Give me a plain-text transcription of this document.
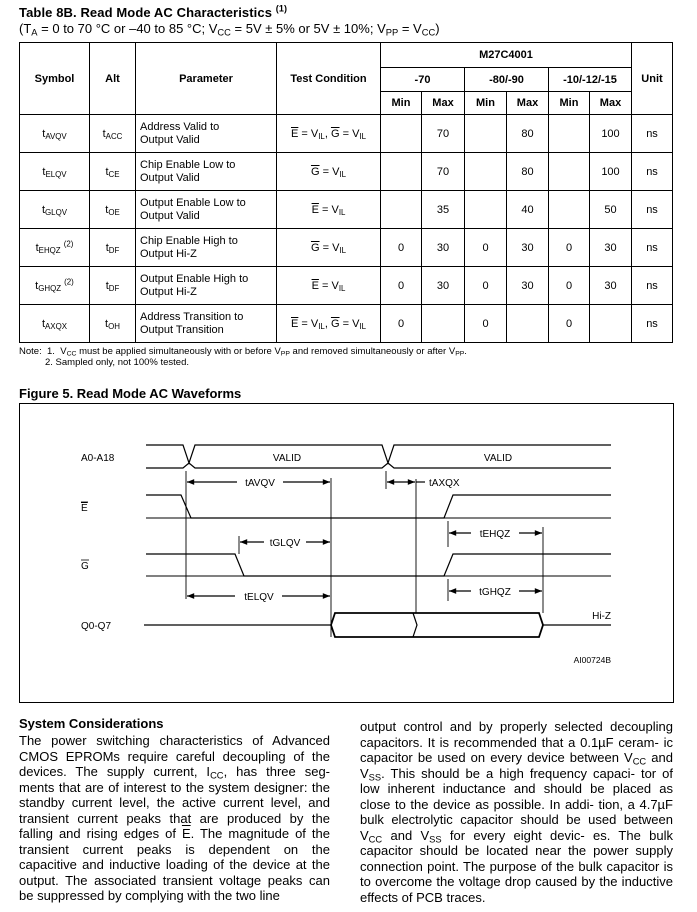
Table 8B. Read Mode AC Characteristics $^{(1)}$
($T_A = 0$ to 70 °C or –40 to 85 °C; $V_{CC} = 5V \pm 5\%$ or 5V ± 10%; $V_{PP} = V_{CC}$)
Symbol	Alt	Parameter	Test Condition	M27C4001						Unit
				-70		-80/-90		-10/-12/-15		
				Min	Max	Min	Max	Min	Max	
$t_{AVQV}$	$t_{ACC}$	Address Valid to
Output Valid	$\overline{E} = V_{IL}$, $\overline{G} = V_{IL}$		70		80		100	ns
$t_{ELQV}$	$t_{CE}$	Chip Enable Low to
Output Valid	$\overline{G} = V_{IL}$		70		80		100	ns
$t_{GLQV}$	$t_{OE}$	Output Enable Low to
Output Valid	$\overline{E} = V_{IL}$		35		40		50	ns
$t_{EHQZ}$ $^{(2)}$	$t_{DF}$	Chip Enable High to
Output Hi-Z	$\overline{G} = V_{IL}$	0	30	0	30	0	30	ns
$t_{GHQZ}$ $^{(2)}$	$t_{DF}$	Output Enable High to
Output Hi-Z	$\overline{E} = V_{IL}$	0	30	0	30	0	30	ns
$t_{AXQX}$	$t_{OH}$	Address Transition to
Output Transition	$\overline{E} = V_{IL}$, $\overline{G} = V_{IL}$	0		0		0		ns
Note: 1. $V_{CC}$ must be applied simultaneously with or before $V_{PP}$ and removed simultaneously or after $V_{PP}$.
2. Sampled only, not 100% tested.
Figure 5. Read Mode AC Waveforms
A0-A18
E
G
Q0-Q7
VALID	VALID
tAVQV	tAXQX
tGLQV
tEHQZ
tELQV	tGHQZ
Hi-Z
AI00724B
System Considerations
The power switching characteristics of Advanced CMOS EPROMs require careful decoupling of the devices. The supply current, $I_{CC}$, has three seg- ments that are of interest to the system designer: the standby current level, the active current level, and transient current peaks that are produced by the falling and rising edges of $\overline{E}$. The magnitude of the transient current peaks is dependent on the capacitive and inductive loading of the device at the output. The associated transient voltage peaks can be suppressed by complying with the two line
output control and by properly selected decoupling capacitors. It is recommended that a 0.1µF ceram- ic capacitor be used on every device between $V_{CC}$ and $V_{SS}$. This should be a high frequency capaci- tor of low inherent inductance and should be placed as close to the device as possible. In addi- tion, a 4.7µF bulk electrolytic capacitor should be used between $V_{CC}$ and $V_{SS}$ for every eight devic- es. The bulk capacitor should be located near the power supply connection point. The purpose of the bulk capacitor is to overcome the voltage drop caused by the inductive effects of PCB traces.
